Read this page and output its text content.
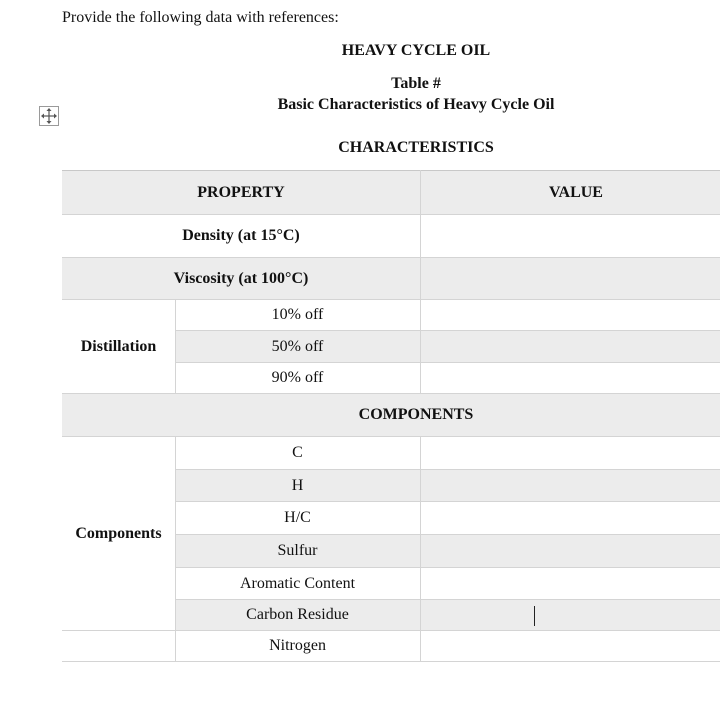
Provide the following data with references:
HEAVY CYCLE OIL
Table #
Basic Characteristics of Heavy Cycle Oil
CHARACTERISTICS
PROPERTY	VALUE
Density (at 15°C)
Viscosity (at 100°C)
Distillation
10% off
50% off
90% off
COMPONENTS
Components
C
H
H/C
Sulfur
Aromatic Content
Carbon Residue
Nitrogen
